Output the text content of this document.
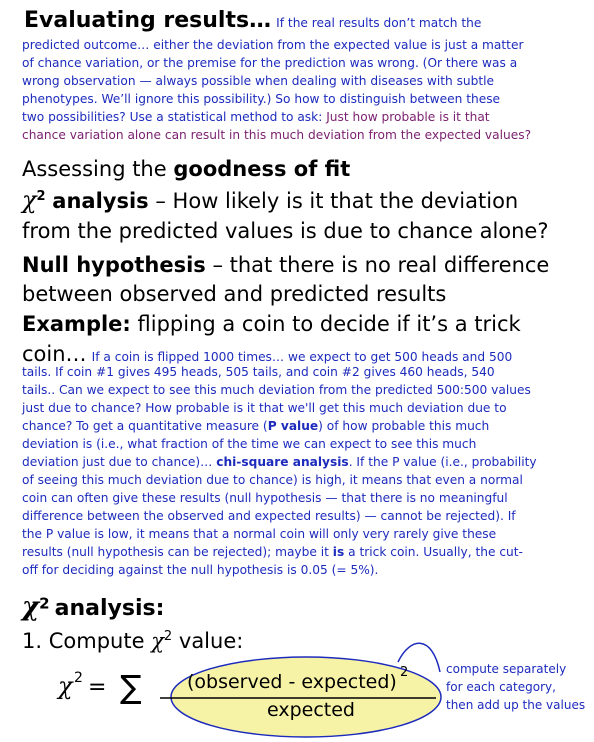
Evaluating results… If the real results don’t match the
predicted outcome… either the deviation from the expected value is just a matter
of chance variation, or the premise for the prediction was wrong. (Or there was a
wrong observation — always possible when dealing with diseases with subtle
phenotypes. We’ll ignore this possibility.) So how to distinguish between these
two possibilities? Use a statistical method to ask: Just how probable is it that
chance variation alone can result in this much deviation from the expected values?
Assessing the goodness of fit
$\chi^2$ analysis – How likely is it that the deviation
from the predicted values is due to chance alone?
Null hypothesis – that there is no real difference
between observed and predicted results
Example: flipping a coin to decide if it’s a trick
coin… If a coin is flipped 1000 times… we expect to get 500 heads and 500
tails. If coin #1 gives 495 heads, 505 tails, and coin #2 gives 460 heads, 540
tails.. Can we expect to see this much deviation from the predicted 500:500 values
just due to chance? How probable is it that we'll get this much deviation due to
chance? To get a quantitative measure (P value) of how probable this much
deviation is (i.e., what fraction of the time we can expect to see this much
deviation just due to chance)… chi-square analysis. If the P value (i.e., probability
of seeing this much deviation due to chance) is high, it means that even a normal
coin can often give these results (null hypothesis — that there is no meaningful
difference between the observed and expected results) — cannot be rejected). If
the P value is low, it means that a normal coin will only very rarely give these
results (null hypothesis can be rejected); maybe it is a trick coin. Usually, the cut-
off for deciding against the null hypothesis is 0.05 (= 5%).
$\chi^2$ analysis:
1. Compute $\chi^2$ value:
χ 2 = ∑ (observed - expected) 2
expected
compute separately
for each category,
then add up the values
